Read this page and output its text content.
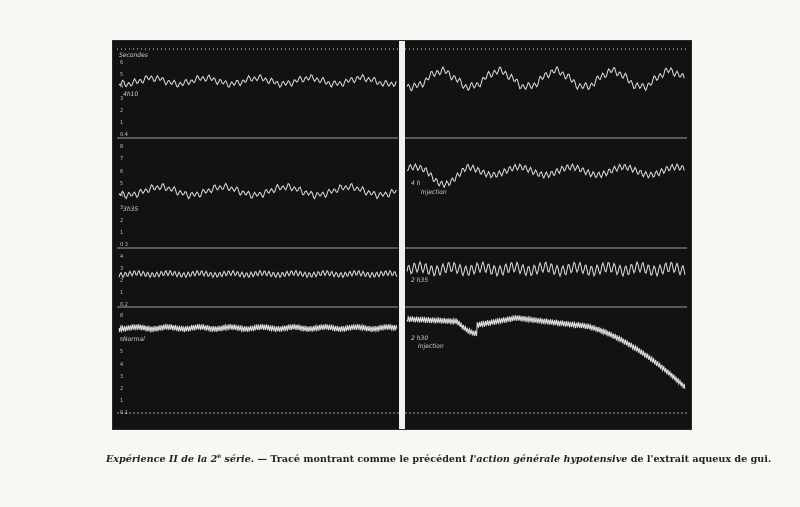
Secondes
4h10
3h35
4 h
Injection
2 h35
Normal	2 h30
Injection
6
5
4
3
2
1
0.4
8
7
6
5
4
3
2
1
0.3
4
3
2
1
0.2
8
7
6
5
4
3
2
1
0.1
Expérience II de la 2e série. — Tracé montrant comme le précédent l'action générale hypotensive de l'extrait aqueux de gui.
